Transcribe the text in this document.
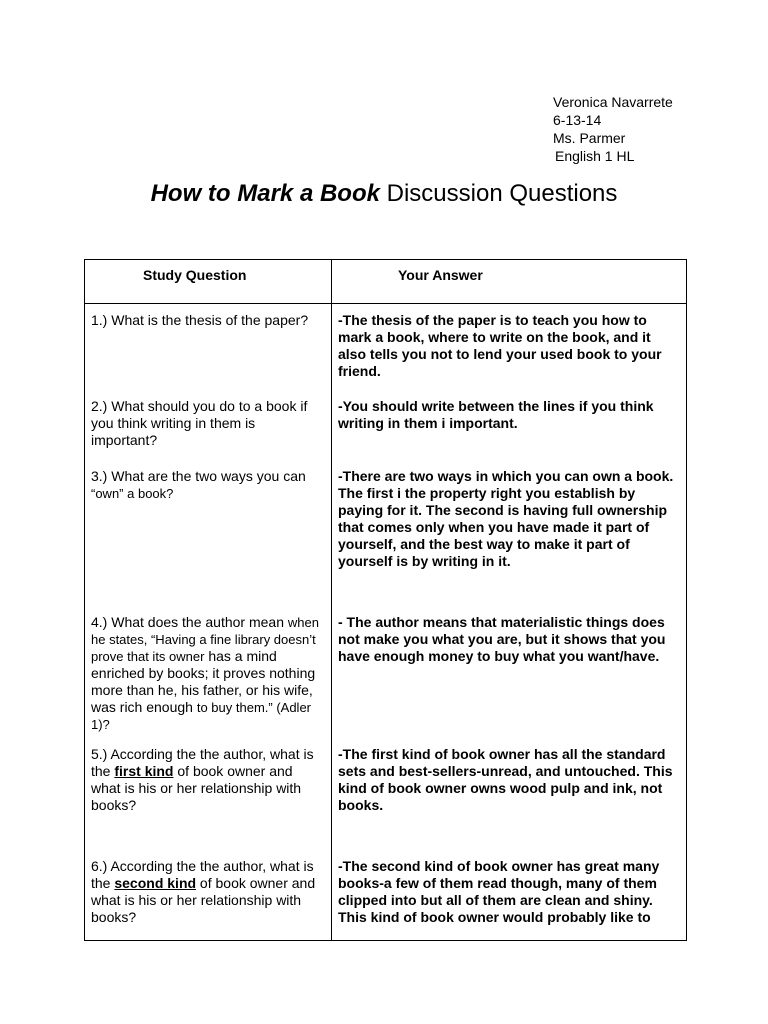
Veronica Navarrete
6-13-14
Ms. Parmer
English 1 HL
How to Mark a Book Discussion Questions
Study Question	Your Answer
1.) What is the thesis of the paper?	-The thesis of the paper is to teach you how to mark a book, where to write on the book, and it also tells you not to lend your used book to your friend.
2.) What should you do to a book if you think writing in them is important?	-You should write between the lines if you think writing in them i important.
3.) What are the two ways you can
“own” a book?	-There are two ways in which you can own a book. The first i the property right you establish by paying for it. The second is having full ownership that comes only when you have made it part of yourself, and the best way to make it part of yourself is by writing in it.
4.) What does the author mean when he states, “Having a fine library doesn’t prove that its owner has a mind enriched by books; it proves nothing more than he, his father, or his wife, was rich enough to buy them.” (Adler 1)?	- The author means that materialistic things does not make you what you are, but it shows that you have enough money to buy what you want/have.
5.) According the the author, what is the first kind of book owner and what is his or her relationship with books?	-The first kind of book owner has all the standard sets and best-sellers-unread, and untouched. This kind of book owner owns wood pulp and ink, not books.
6.) According the the author, what is the second kind of book owner and what is his or her relationship with books?	-The second kind of book owner has great many books-a few of them read though, many of them clipped into but all of them are clean and shiny. This kind of book owner would probably like to
